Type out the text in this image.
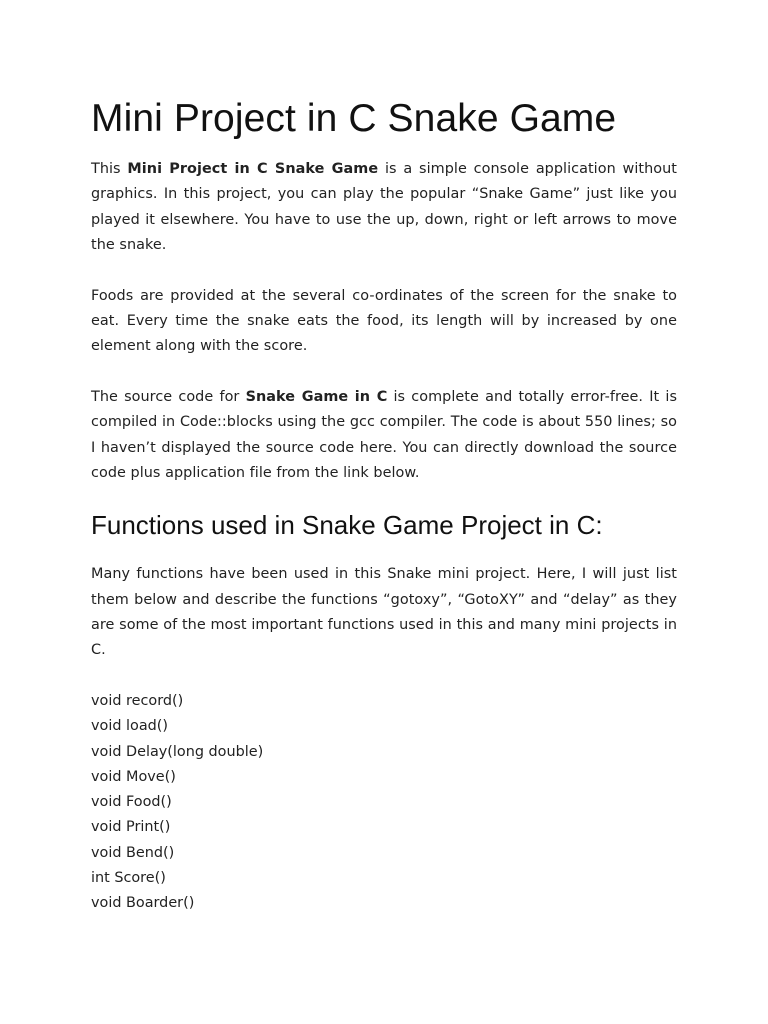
Mini Project in C Snake Game

This Mini Project in C Snake Game is a simple console application without graphics. In this project, you can play the popular “Snake Game” just like you played it elsewhere. You have to use the up, down, right or left arrows to move the snake.

Foods are provided at the several co-ordinates of the screen for the snake to eat. Every time the snake eats the food, its length will by increased by one element along with the score.

The source code for Snake Game in C is complete and totally error-free. It is compiled in Code::blocks using the gcc compiler. The code is about 550 lines; so I haven’t displayed the source code here. You can directly download the source code plus application file from the link below.

Functions used in Snake Game Project in C:

Many functions have been used in this Snake mini project. Here, I will just list them below and describe the functions “gotoxy”, “GotoXY” and “delay” as they are some of the most important functions used in this and many mini projects in C.

void record()
void load()
void Delay(long double)
void Move()
void Food()
void Print()
void Bend()
int Score()
void Boarder()
